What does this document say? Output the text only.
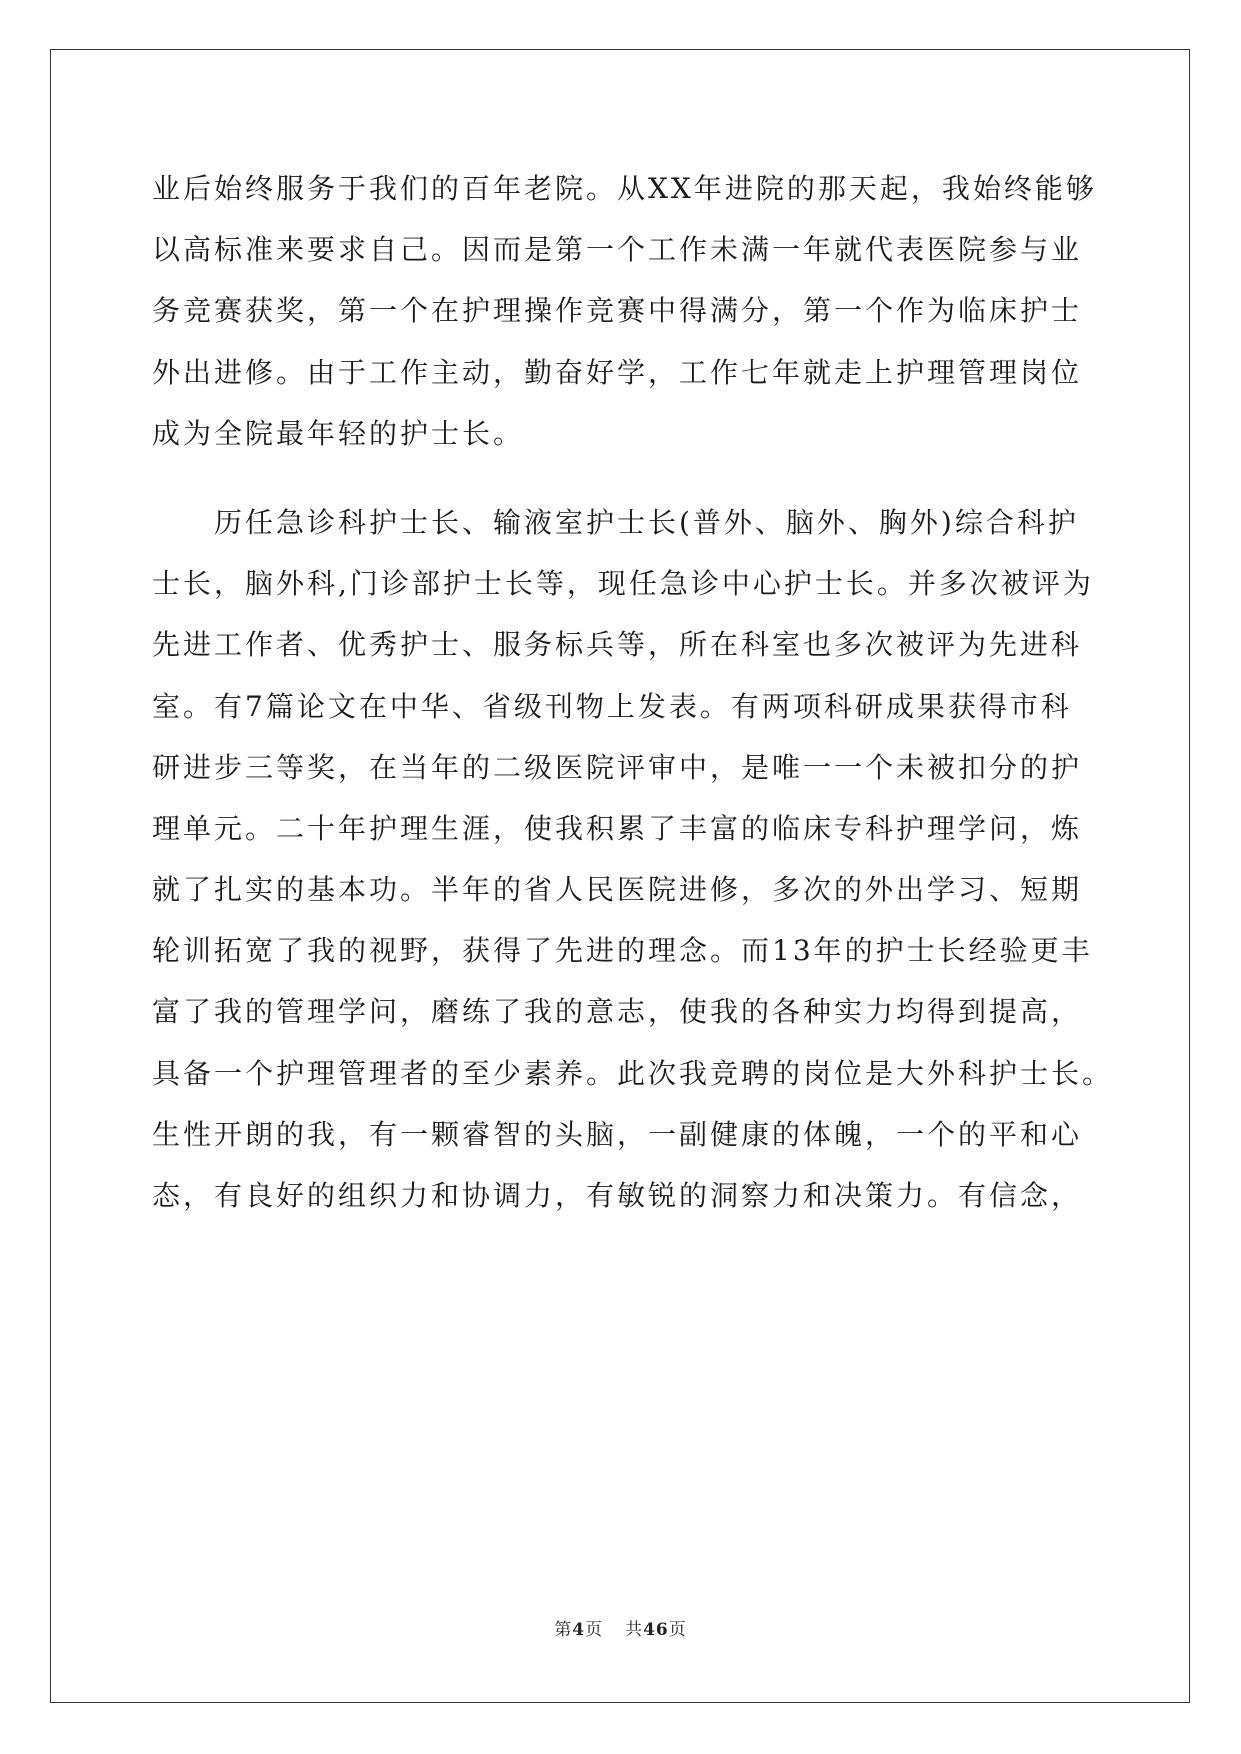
业后始终服务于我们的百年老院。从XX年进院的那天起，我始终能够
以高标准来要求自己。因而是第一个工作未满一年就代表医院参与业
务竞赛获奖，第一个在护理操作竞赛中得满分，第一个作为临床护士
外出进修。由于工作主动，勤奋好学，工作七年就走上护理管理岗位
成为全院最年轻的护士长。
历任急诊科护士长、输液室护士长(普外、脑外、胸外)综合科护
士长，脑外科,门诊部护士长等，现任急诊中心护士长。并多次被评为
先进工作者、优秀护士、服务标兵等，所在科室也多次被评为先进科
室。有7篇论文在中华、省级刊物上发表。有两项科研成果获得市科
研进步三等奖，在当年的二级医院评审中，是唯一一个未被扣分的护
理单元。二十年护理生涯，使我积累了丰富的临床专科护理学问，炼
就了扎实的基本功。半年的省人民医院进修，多次的外出学习、短期
轮训拓宽了我的视野，获得了先进的理念。而13年的护士长经验更丰
富了我的管理学问，磨练了我的意志，使我的各种实力均得到提高，
具备一个护理管理者的至少素养。此次我竞聘的岗位是大外科护士长。
生性开朗的我，有一颗睿智的头脑，一副健康的体魄，一个的平和心
态，有良好的组织力和协调力，有敏锐的洞察力和决策力。有信念，
第4页 共46页
